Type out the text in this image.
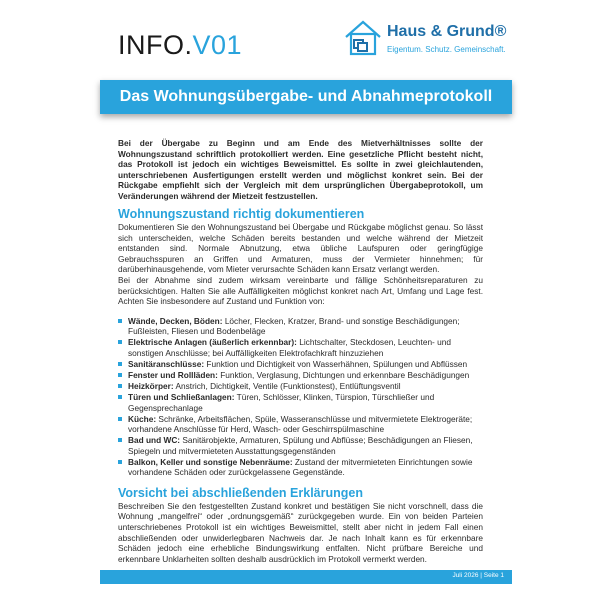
INFO.V01	Haus & Grund®
Eigentum. Schutz. Gemeinschaft.
Das Wohnungsübergabe- und Abnahmeprotokoll

Bei der Übergabe zu Beginn und am Ende des Mietverhältnisses sollte der Wohnungszustand schriftlich protokolliert werden. Eine gesetzliche Pflicht besteht nicht, das Protokoll ist jedoch ein wichtiges Beweismittel. Es sollte in zwei gleichlautenden, unterschriebenen Ausfertigungen erstellt werden und möglichst konkret sein. Bei der Rückgabe empfiehlt sich der Vergleich mit dem ursprünglichen Übergabeprotokoll, um Veränderungen während der Mietzeit festzustellen.

Wohnungszustand richtig dokumentieren

Dokumentieren Sie den Wohnungszustand bei Übergabe und Rückgabe möglichst genau. So lässt sich unterscheiden, welche Schäden bereits bestanden und welche während der Mietzeit entstanden sind. Normale Abnutzung, etwa übliche Laufspuren oder geringfügige Gebrauchsspuren an Griffen und Armaturen, muss der Vermieter hinnehmen; für darüberhinausgehende, vom Mieter verursachte Schäden kann Ersatz verlangt werden.

Bei der Abnahme sind zudem wirksam vereinbarte und fällige Schönheitsreparaturen zu berücksichtigen. Halten Sie alle Auffälligkeiten möglichst konkret nach Art, Umfang und Lage fest. Achten Sie insbesondere auf Zustand und Funktion von:

Wände, Decken, Böden: Löcher, Flecken, Kratzer, Brand- und sonstige Beschädigungen; Fußleisten, Fliesen und Bodenbeläge
Elektrische Anlagen (äußerlich erkennbar): Lichtschalter, Steckdosen, Leuchten- und sonstigen Anschlüsse; bei Auffälligkeiten Elektrofachkraft hinzuziehen
Sanitäranschlüsse: Funktion und Dichtigkeit von Wasserhähnen, Spülungen und Abflüssen
Fenster und Rollläden: Funktion, Verglasung, Dichtungen und erkennbare Beschädigungen
Heizkörper: Anstrich, Dichtigkeit, Ventile (Funktionstest), Entlüftungsventil
Türen und Schließanlagen: Türen, Schlösser, Klinken, Türspion, Türschließer und Gegensprechanlage
Küche: Schränke, Arbeitsflächen, Spüle, Wasseranschlüsse und mitvermietete Elektrogeräte; vorhandene Anschlüsse für Herd, Wasch- oder Geschirrspülmaschine
Bad und WC: Sanitärobjekte, Armaturen, Spülung und Abflüsse; Beschädigungen an Fliesen, Spiegeln und mitvermieteten Ausstattungsgegenständen
Balkon, Keller und sonstige Nebenräume: Zustand der mitvermieteten Einrichtungen sowie vorhandene Schäden oder zurückgelassene Gegenstände.
Vorsicht bei abschließenden Erklärungen

Beschreiben Sie den festgestellten Zustand konkret und bestätigen Sie nicht vorschnell, dass die Wohnung „mangelfrei“ oder „ordnungsgemäß“ zurückgegeben wurde. Ein von beiden Parteien unterschriebenes Protokoll ist ein wichtiges Beweismittel, stellt aber nicht in jedem Fall einen abschließenden oder unwiderlegbaren Nachweis dar. Je nach Inhalt kann es für erkennbare Schäden jedoch eine erhebliche Bindungswirkung entfalten. Nicht prüfbare Bereiche und erkennbare Unklarheiten sollten deshalb ausdrücklich im Protokoll vermerkt werden.

Juli 2026 | Seite 1
